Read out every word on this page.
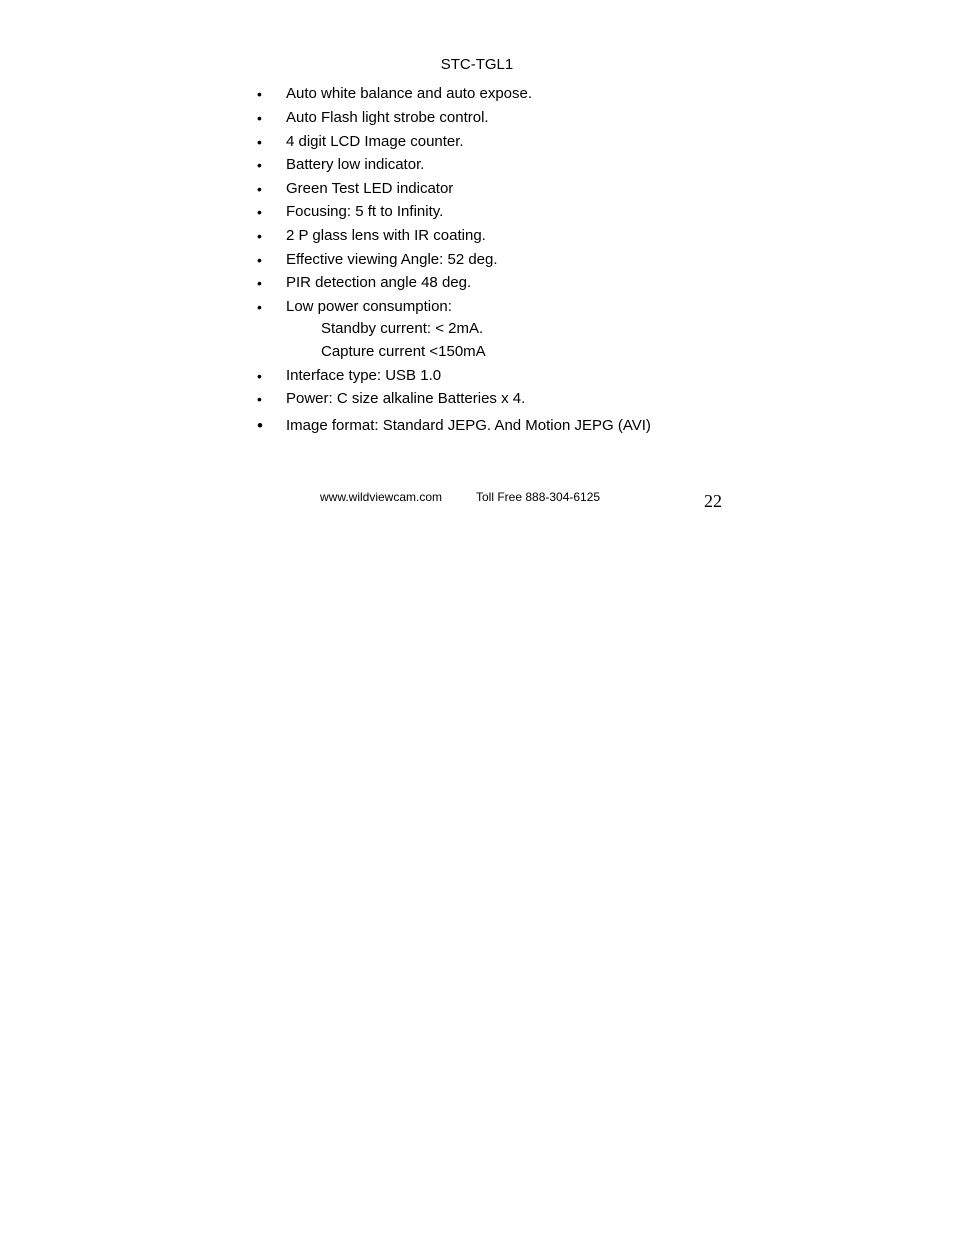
STC-TGL1
• Auto white balance and auto expose.
• Auto Flash light strobe control.
• 4 digit LCD Image counter.
• Battery low indicator.
• Green Test LED indicator
• Focusing: 5 ft to Infinity.
• 2 P glass lens with IR coating.
• Effective viewing Angle: 52 deg.
• PIR detection angle 48 deg.
• Low power consumption:
Standby current: < 2mA.
Capture current <150mA
• Interface type: USB 1.0
• Power: C size alkaline Batteries x 4.
• Image format: Standard JEPG. And Motion JEPG (AVI)
www.wildviewcam.com	Toll Free 888-304-6125	22
